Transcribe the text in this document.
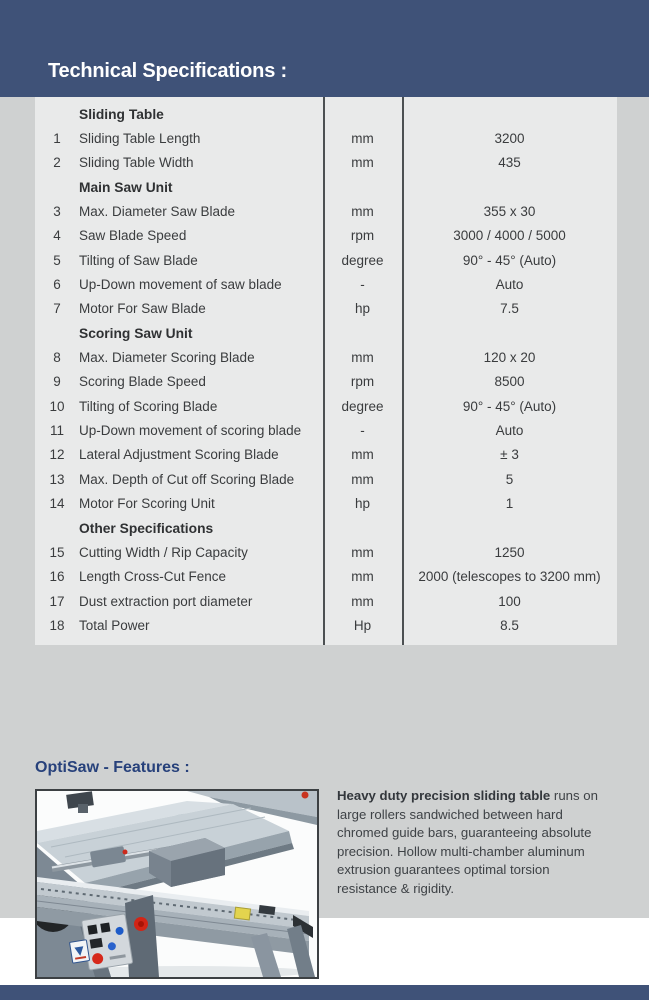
Technical Specifications :
Sliding Table
1	Sliding Table Length	mm	3200
2	Sliding Table Width	mm	435
Main Saw Unit
3	Max. Diameter Saw Blade	mm	355 x 30
4	Saw Blade Speed	rpm	3000 / 4000 / 5000
5	Tilting of Saw Blade	degree	90° - 45° (Auto)
6	Up-Down movement of saw blade	-	Auto
7	Motor For Saw Blade	hp	7.5
Scoring Saw Unit
8	Max. Diameter Scoring Blade	mm	120 x 20
9	Scoring Blade Speed	rpm	8500
10	Tilting of Scoring Blade	degree	90° - 45° (Auto)
11	Up-Down movement of scoring blade	-	Auto
12	Lateral Adjustment Scoring Blade	mm	± 3
13	Max. Depth of Cut off Scoring Blade	mm	5
14	Motor For Scoring Unit	hp	1
Other Specifications
15	Cutting Width / Rip Capacity	mm	1250
16	Length Cross-Cut Fence	mm	2000 (telescopes to 3200 mm)
17	Dust extraction port diameter	mm	100
18	Total Power	Hp	8.5
OptiSaw - Features :
Heavy duty precision sliding table runs on large rollers sandwiched between hard chromed guide bars, guaranteeing absolute precision. Hollow multi-chamber aluminum extrusion guarantees optimal torsion resistance & rigidity.
